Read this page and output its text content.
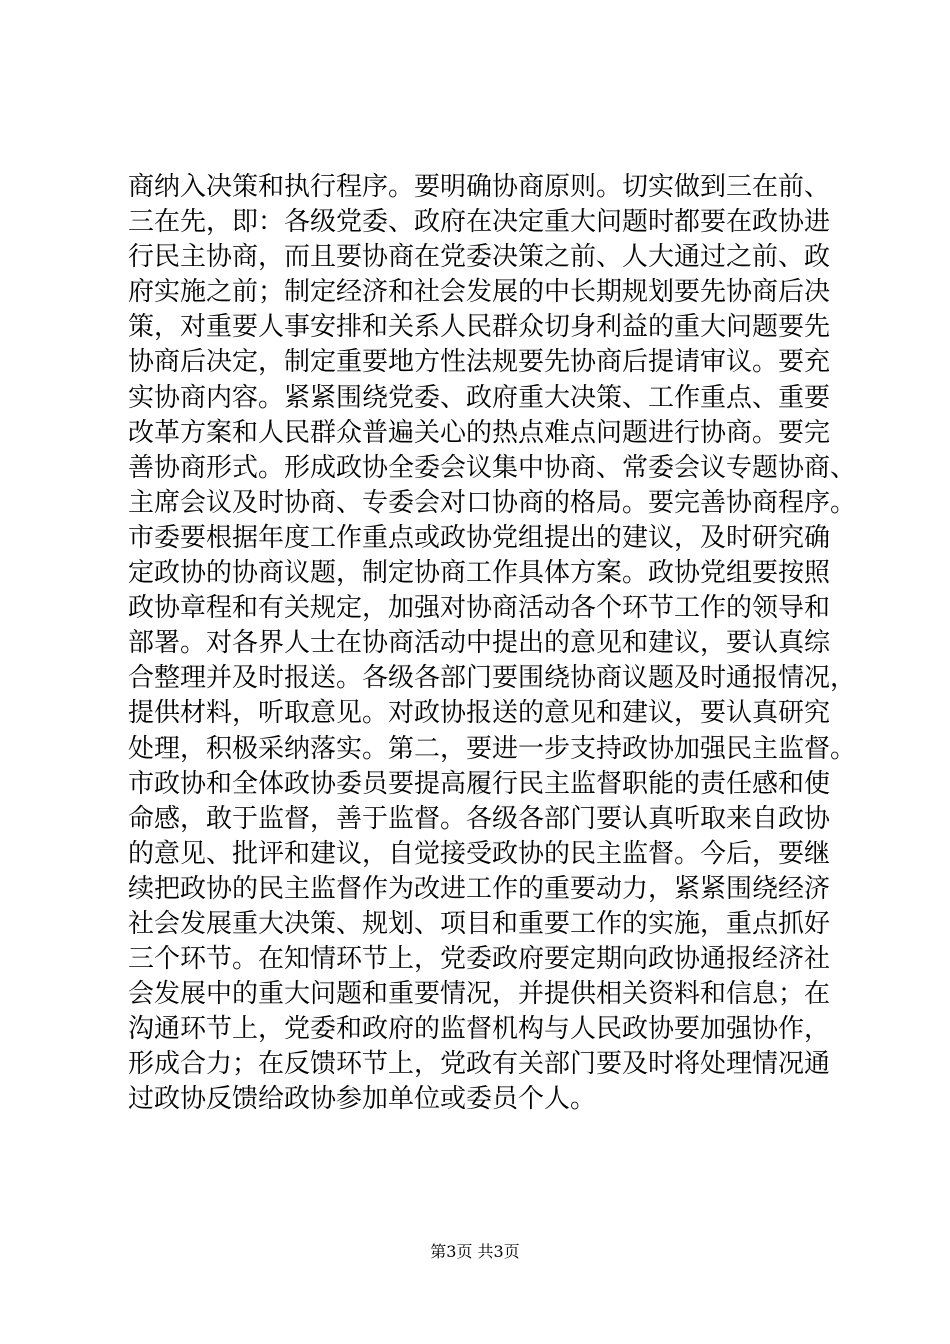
商纳入决策和执行程序。要明确协商原则。切实做到三在前、
三在先，即：各级党委、政府在决定重大问题时都要在政协进
行民主协商，而且要协商在党委决策之前、人大通过之前、政
府实施之前；制定经济和社会发展的中长期规划要先协商后决
策，对重要人事安排和关系人民群众切身利益的重大问题要先
协商后决定，制定重要地方性法规要先协商后提请审议。要充
实协商内容。紧紧围绕党委、政府重大决策、工作重点、重要
改革方案和人民群众普遍关心的热点难点问题进行协商。要完
善协商形式。形成政协全委会议集中协商、常委会议专题协商、
主席会议及时协商、专委会对口协商的格局。要完善协商程序。
市委要根据年度工作重点或政协党组提出的建议，及时研究确
定政协的协商议题，制定协商工作具体方案。政协党组要按照
政协章程和有关规定，加强对协商活动各个环节工作的领导和
部署。对各界人士在协商活动中提出的意见和建议，要认真综
合整理并及时报送。各级各部门要围绕协商议题及时通报情况，
提供材料，听取意见。对政协报送的意见和建议，要认真研究
处理，积极采纳落实。第二，要进一步支持政协加强民主监督。
市政协和全体政协委员要提高履行民主监督职能的责任感和使
命感，敢于监督，善于监督。各级各部门要认真听取来自政协
的意见、批评和建议，自觉接受政协的民主监督。今后，要继
续把政协的民主监督作为改进工作的重要动力，紧紧围绕经济
社会发展重大决策、规划、项目和重要工作的实施，重点抓好
三个环节。在知情环节上，党委政府要定期向政协通报经济社
会发展中的重大问题和重要情况，并提供相关资料和信息；在
沟通环节上，党委和政府的监督机构与人民政协要加强协作，
形成合力；在反馈环节上，党政有关部门要及时将处理情况通
过政协反馈给政协参加单位或委员个人。
第3页 共3页
